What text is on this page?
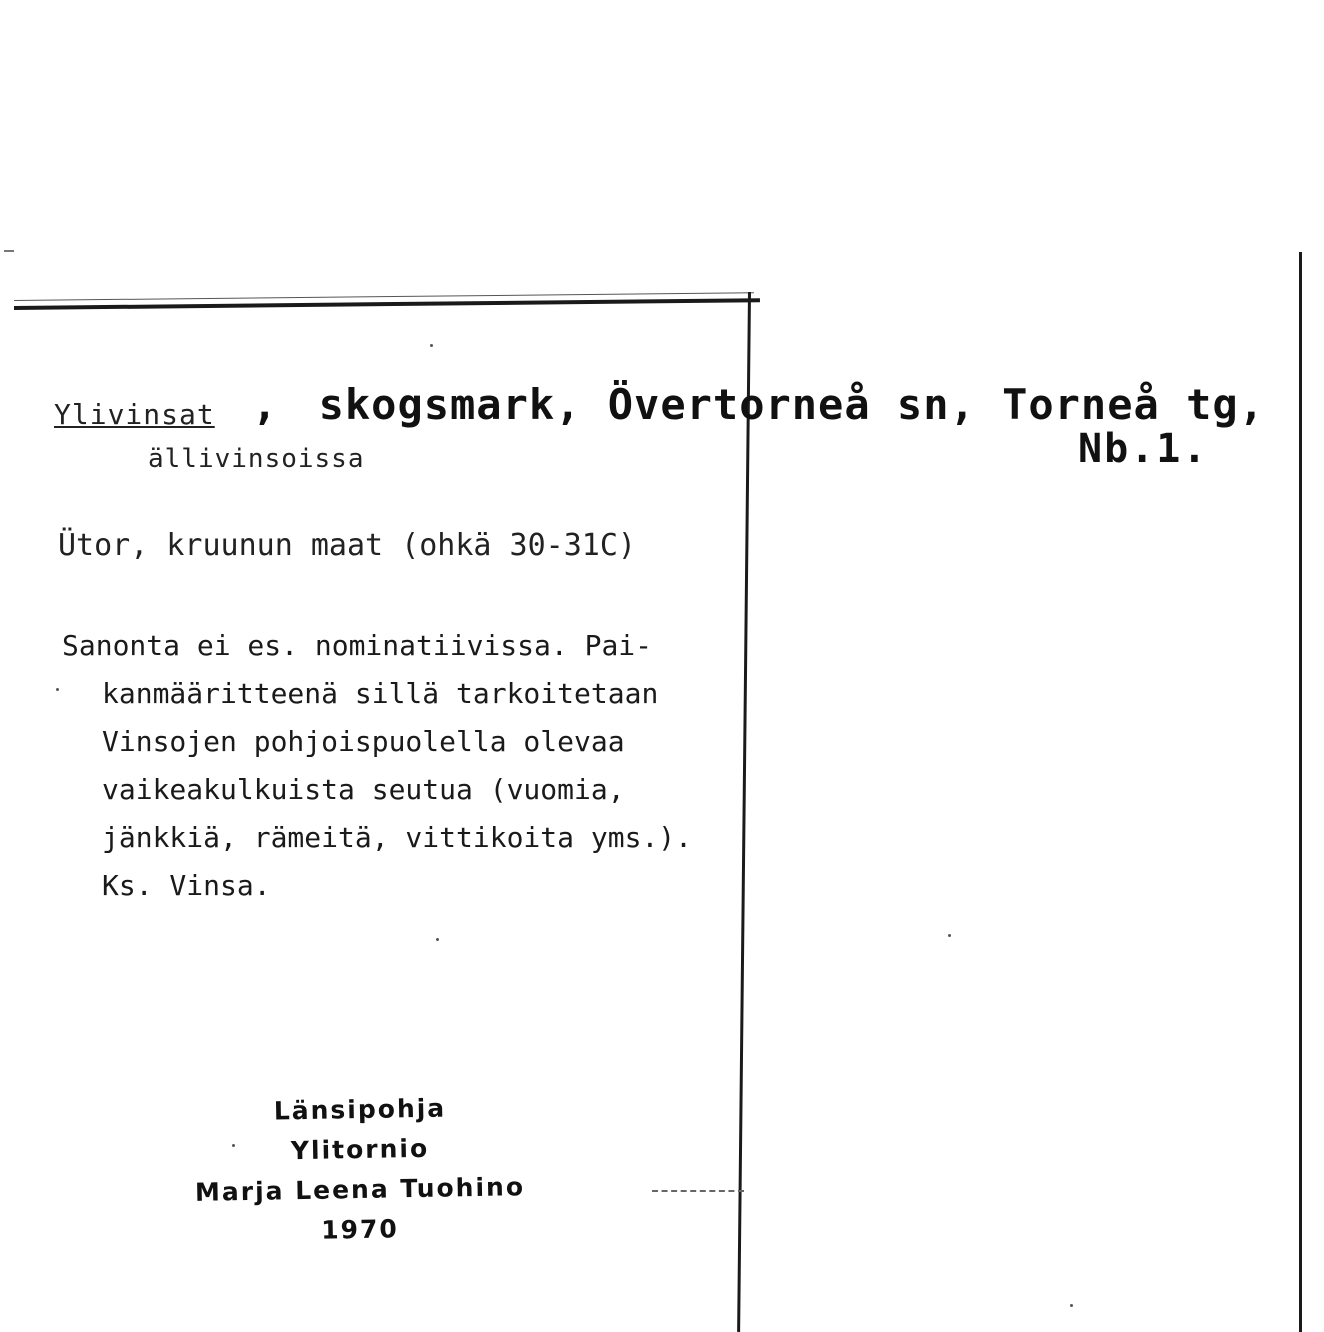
Ylivinsat , skogsmark, Övertorneå sn, Torneå tg,
Nb.1.
ällivinsoissa
Ütor, kruunun maat (ohkä 30-31C)
Sanonta ei es. nominatiivissa. Pai-
kanmääritteenä sillä tarkoitetaan
Vinsojen pohjoispuolella olevaa
vaikeakulkuista seutua (vuomia,
jänkkiä, rämeitä, vittikoita yms.).
Ks. Vinsa.
Länsipohja
Ylitornio
Marja Leena Tuohino
1970
